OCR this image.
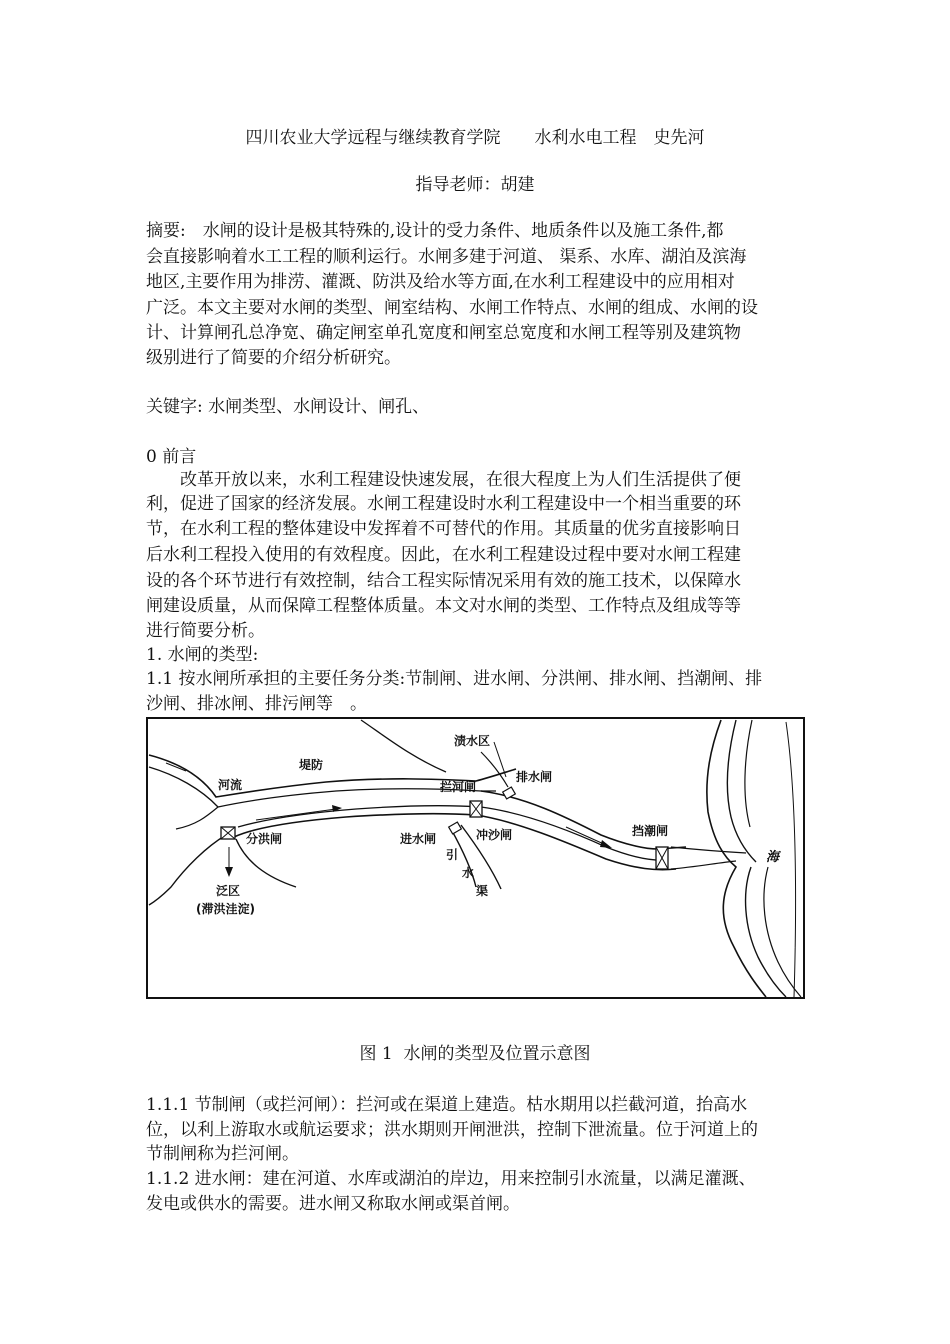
四川农业大学远程与继续教育学院　　水利水电工程　史先河
指导老师：胡建
摘要:　水闸的设计是极其特殊的,设计的受力条件、地质条件以及施工条件,都
会直接影响着水工工程的顺利运行。水闸多建于河道、 渠系、水库、湖泊及滨海
地区,主要作用为排涝、灌溉、防洪及给水等方面,在水利工程建设中的应用相对
广泛。本文主要对水闸的类型、闸室结构、水闸工作特点、水闸的组成、水闸的设
计、计算闸孔总净宽、确定闸室单孔宽度和闸室总宽度和水闸工程等别及建筑物
级别进行了简要的介绍分析研究。
关键字: 水闸类型、水闸设计、闸孔、
0 前言
　　改革开放以来，水利工程建设快速发展，在很大程度上为人们生活提供了便
利，促进了国家的经济发展。水闸工程建设时水利工程建设中一个相当重要的环
节，在水利工程的整体建设中发挥着不可替代的作用。其质量的优劣直接影响日
后水利工程投入使用的有效程度。因此，在水利工程建设过程中要对水闸工程建
设的各个环节进行有效控制，结合工程实际情况采用有效的施工技术，以保障水
闸建设质量，从而保障工程整体质量。本文对水闸的类型、工作特点及组成等等
进行简要分析。
1. 水闸的类型:
1.1 按水闸所承担的主要任务分类:节制闸、进水闸、分洪闸、排水闸、挡潮闸、排
沙闸、排冰闸、排污闸等　。
堤防
河流
渍水区
排水闸
拦河闸
分洪闸	进水闸	冲沙闸
引
水
渠
挡潮闸
海
泛区
(滞洪洼淀)
图 1  水闸的类型及位置示意图
1.1.1 节制闸（或拦河闸）：拦河或在渠道上建造。枯水期用以拦截河道，抬高水
位，以利上游取水或航运要求；洪水期则开闸泄洪，控制下泄流量。位于河道上的
节制闸称为拦河闸。
1.1.2 进水闸：建在河道、水库或湖泊的岸边，用来控制引水流量，以满足灌溉、
发电或供水的需要。进水闸又称取水闸或渠首闸。
